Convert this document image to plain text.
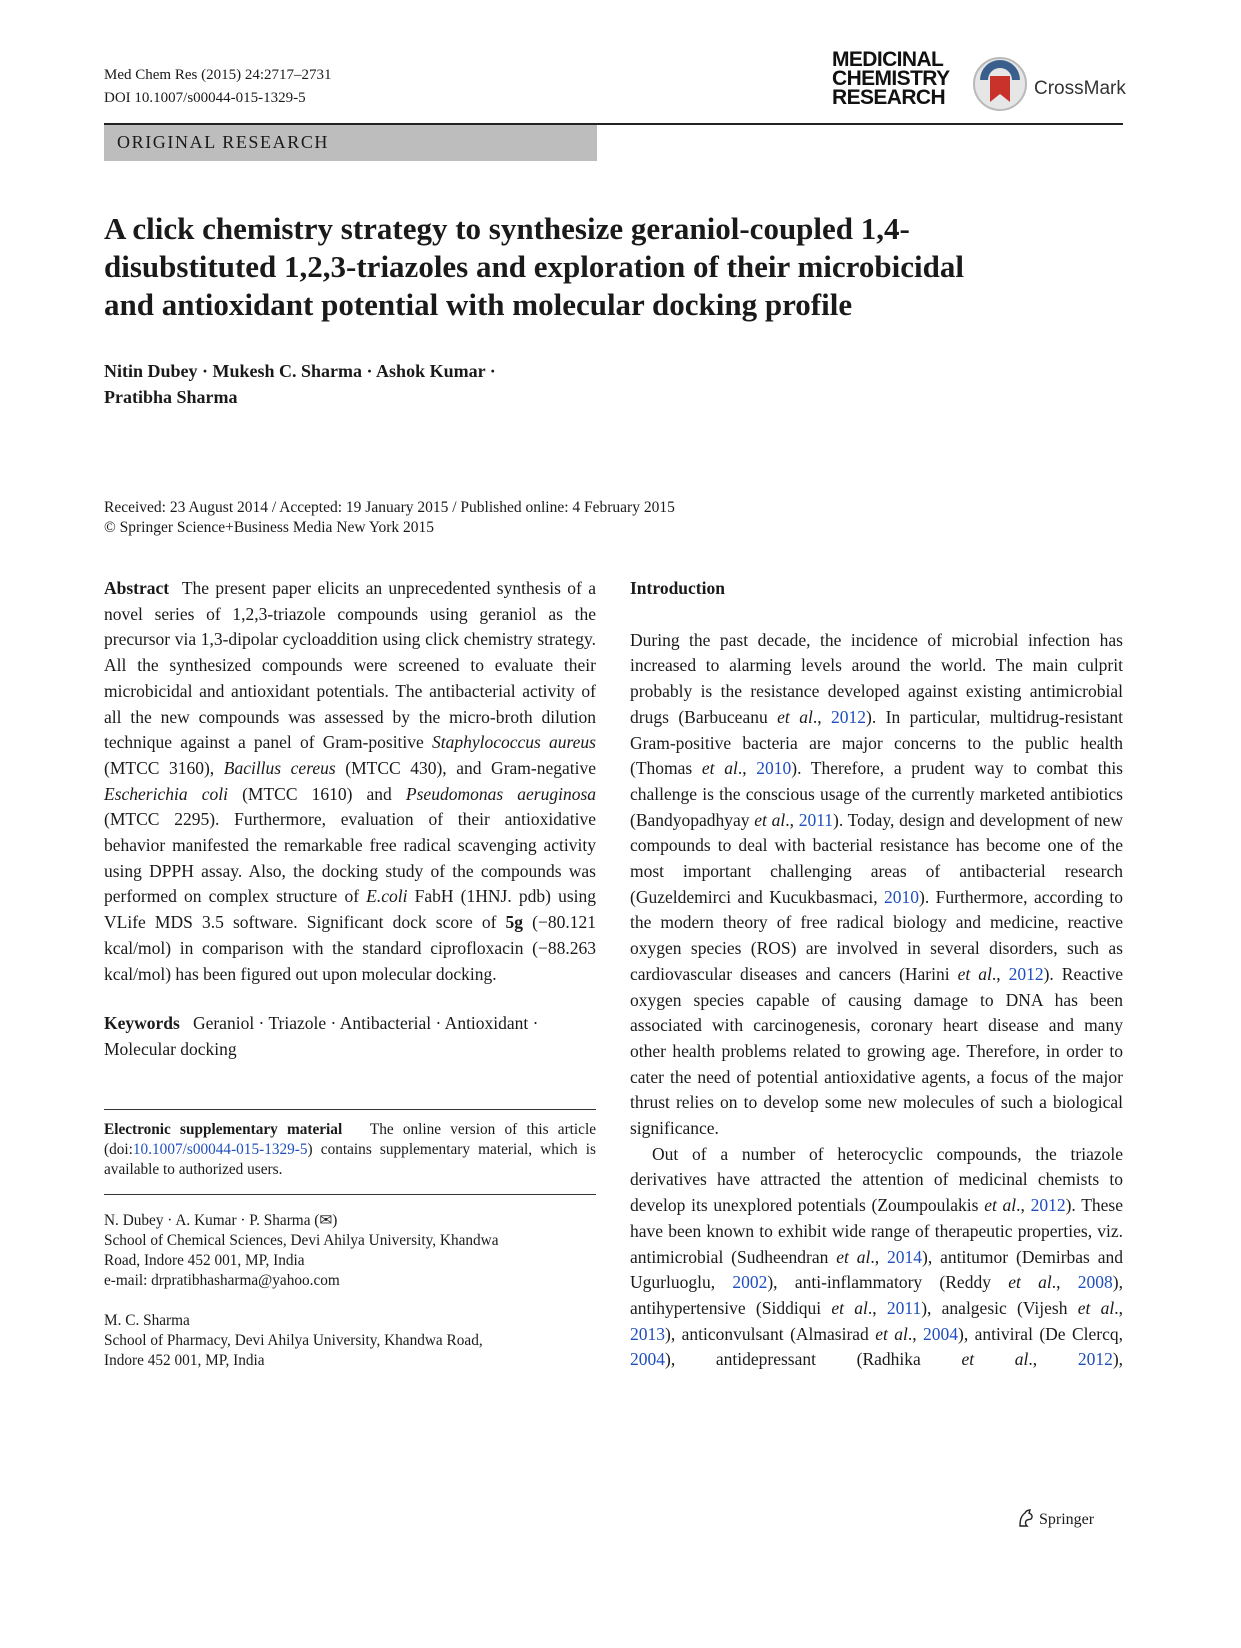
Med Chem Res (2015) 24:2717–2731
DOI 10.1007/s00044-015-1329-5
MEDICINAL
CHEMISTRY
RESEARCH	CrossMark
ORIGINAL RESEARCH
A click chemistry strategy to synthesize geraniol-coupled 1,4-
disubstituted 1,2,3-triazoles and exploration of their microbicidal
and antioxidant potential with molecular docking profile
Nitin Dubey · Mukesh C. Sharma · Ashok Kumar ·
Pratibha Sharma
Received: 23 August 2014 / Accepted: 19 January 2015 / Published online: 4 February 2015
© Springer Science+Business Media New York 2015
Abstract The present paper elicits an unprecedented synthesis of a novel series of 1,2,3-triazole compounds using geraniol as the precursor via 1,3-dipolar cycloaddition using click chemistry strategy. All the synthesized compounds were screened to evaluate their microbicidal and antioxidant potentials. The antibacterial activity of all the new compounds was assessed by the micro-broth dilution technique against a panel of Gram-positive Staphylococcus aureus (MTCC 3160), Bacillus cereus (MTCC 430), and Gram-negative Escherichia coli (MTCC 1610) and Pseudomonas aeruginosa (MTCC 2295). Furthermore, evaluation of their antioxidative behavior manifested the remarkable free radical scavenging activity using DPPH assay. Also, the docking study of the compounds was performed on complex structure of E.coli FabH (1HNJ. pdb) using VLife MDS 3.5 software. Significant dock score of 5g (−80.121 kcal/mol) in comparison with the standard ciprofloxacin (−88.263 kcal/mol) has been figured out upon molecular docking.
Keywords Geraniol · Triazole · Antibacterial · Antioxidant · Molecular docking
Electronic supplementary material The online version of this article (doi:10.1007/s00044-015-1329-5) contains supplementary material, which is available to authorized users.
N. Dubey · A. Kumar · P. Sharma (✉)
School of Chemical Sciences, Devi Ahilya University, Khandwa
Road, Indore 452 001, MP, India
e-mail: drpratibhasharma@yahoo.com
M. C. Sharma
School of Pharmacy, Devi Ahilya University, Khandwa Road,
Indore 452 001, MP, India
Introduction
During the past decade, the incidence of microbial infection has increased to alarming levels around the world. The main culprit probably is the resistance developed against existing antimicrobial drugs (Barbuceanu et al., 2012). In particular, multidrug-resistant Gram-positive bacteria are major concerns to the public health (Thomas et al., 2010). Therefore, a prudent way to combat this challenge is the conscious usage of the currently marketed antibiotics (Bandyopadhyay et al., 2011). Today, design and development of new compounds to deal with bacterial resistance has become one of the most important challenging areas of antibacterial research (Guzeldemirci and Kucukbasmaci, 2010). Furthermore, according to the modern theory of free radical biology and medicine, reactive oxygen species (ROS) are involved in several disorders, such as cardiovascular diseases and cancers (Harini et al., 2012). Reactive oxygen species capable of causing damage to DNA has been associated with carcinogenesis, coronary heart disease and many other health problems related to growing age. Therefore, in order to cater the need of potential antioxidative agents, a focus of the major thrust relies on to develop some new molecules of such a biological significance.
Out of a number of heterocyclic compounds, the triazole derivatives have attracted the attention of medicinal chemists to develop its unexplored potentials (Zoumpoulakis et al., 2012). These have been known to exhibit wide range of therapeutic properties, viz. antimicrobial (Sudheendran et al., 2014), antitumor (Demirbas and Ugurluoglu, 2002), anti-inflammatory (Reddy et al., 2008), antihypertensive (Siddiqui et al., 2011), analgesic (Vijesh et al., 2013), anticonvulsant (Almasirad et al., 2004), antiviral (De Clercq, 2004), antidepressant (Radhika et al., 2012),
Springer
